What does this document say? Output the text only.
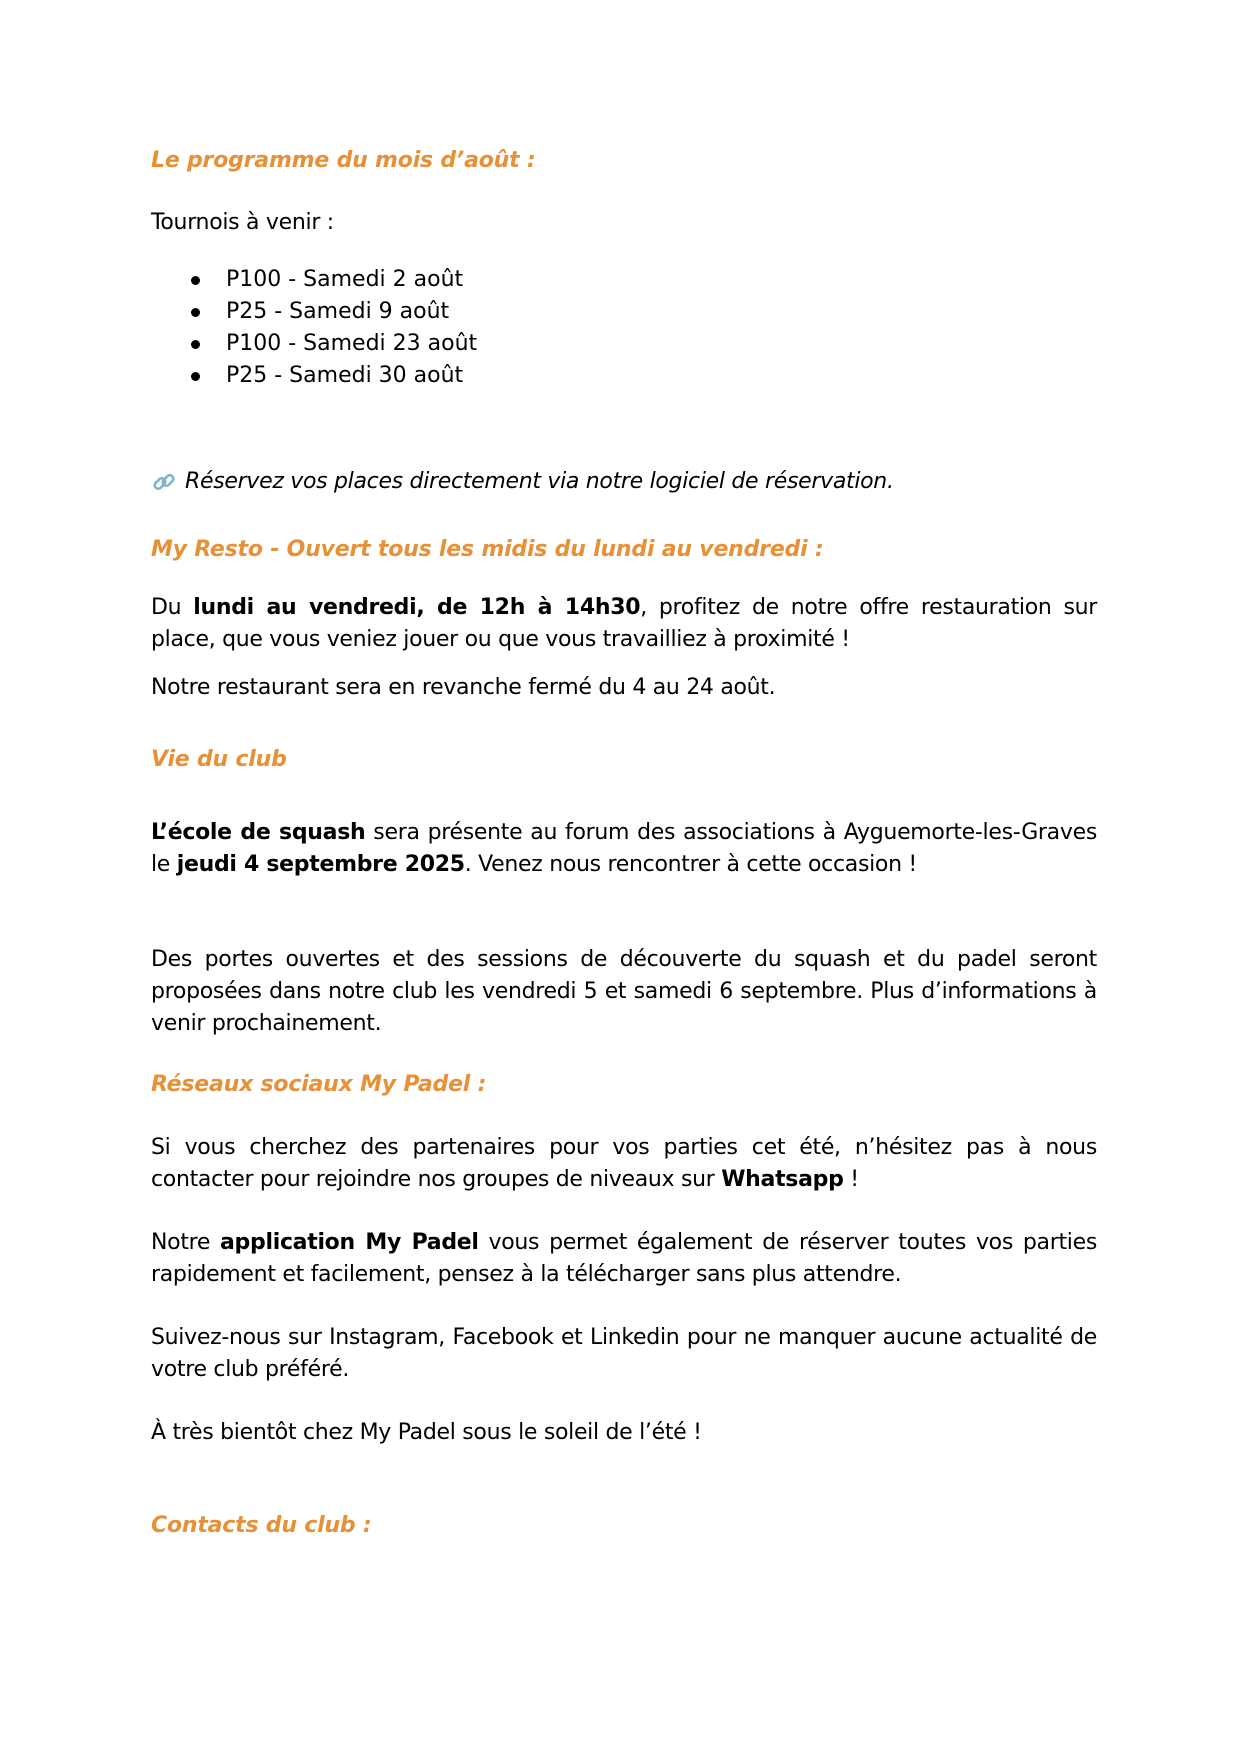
Le programme du mois d’août :
Tournois à venir :
P100 - Samedi 2 août
P25 - Samedi 9 août
P100 - Samedi 23 août
P25 - Samedi 30 août
Réservez vos places directement via notre logiciel de réservation.
My Resto - Ouvert tous les midis du lundi au vendredi :
Du lundi au vendredi, de 12h à 14h30, profitez de notre offre restauration sur place, que vous veniez jouer ou que vous travailliez à proximité !
Notre restaurant sera en revanche fermé du 4 au 24 août.
Vie du club
L’école de squash sera présente au forum des associations à Ayguemorte-les-Graves le jeudi 4 septembre 2025. Venez nous rencontrer à cette occasion !
Des portes ouvertes et des sessions de découverte du squash et du padel seront proposées dans notre club les vendredi 5 et samedi 6 septembre. Plus d’informations à venir prochainement.
Réseaux sociaux My Padel :
Si vous cherchez des partenaires pour vos parties cet été, n’hésitez pas à nous contacter pour rejoindre nos groupes de niveaux sur Whatsapp !
Notre application My Padel vous permet également de réserver toutes vos parties rapidement et facilement, pensez à la télécharger sans plus attendre.
Suivez-nous sur Instagram, Facebook et Linkedin pour ne manquer aucune actualité de votre club préféré.
À très bientôt chez My Padel sous le soleil de l’été !
Contacts du club :
